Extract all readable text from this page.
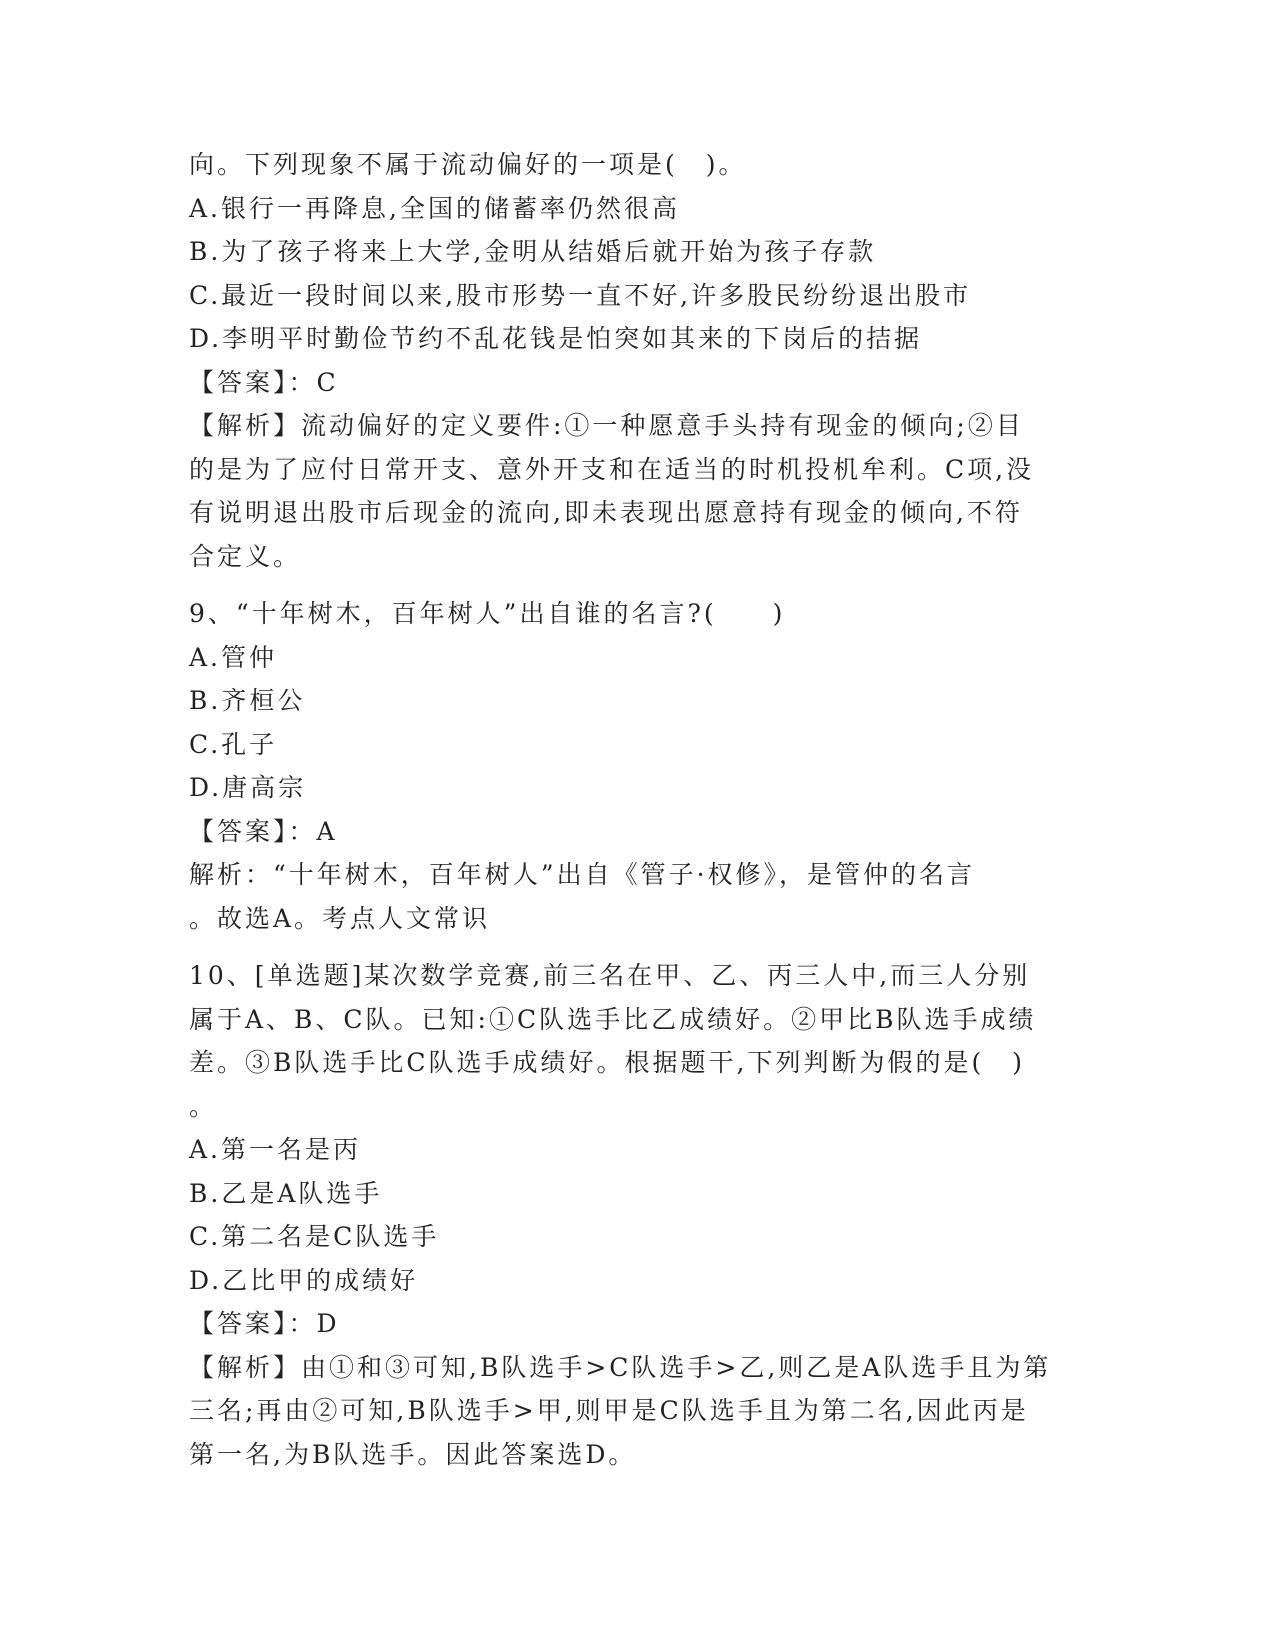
向。下列现象不属于流动偏好的一项是(　)。
A.银行一再降息,全国的储蓄率仍然很高
B.为了孩子将来上大学,金明从结婚后就开始为孩子存款
C.最近一段时间以来,股市形势一直不好,许多股民纷纷退出股市
D.李明平时勤俭节约不乱花钱是怕突如其来的下岗后的拮据
【答案】：C
【解析】流动偏好的定义要件:①一种愿意手头持有现金的倾向;②目
的是为了应付日常开支、意外开支和在适当的时机投机牟利。C项,没
有说明退出股市后现金的流向,即未表现出愿意持有现金的倾向,不符
合定义。
9、“十年树木，百年树人”出自谁的名言?(　　)
A.管仲
B.齐桓公
C.孔子
D.唐高宗
【答案】：A
解析：“十年树木，百年树人”出自《管子·权修》，是管仲的名言
。故选A。考点人文常识
10、[单选题]某次数学竞赛,前三名在甲、乙、丙三人中,而三人分别
属于A、B、C队。已知:①C队选手比乙成绩好。②甲比B队选手成绩
差。③B队选手比C队选手成绩好。根据题干,下列判断为假的是(　)
。
A.第一名是丙
B.乙是A队选手
C.第二名是C队选手
D.乙比甲的成绩好
【答案】：D
【解析】由①和③可知,B队选手>C队选手>乙,则乙是A队选手且为第
三名;再由②可知,B队选手>甲,则甲是C队选手且为第二名,因此丙是
第一名,为B队选手。因此答案选D。
